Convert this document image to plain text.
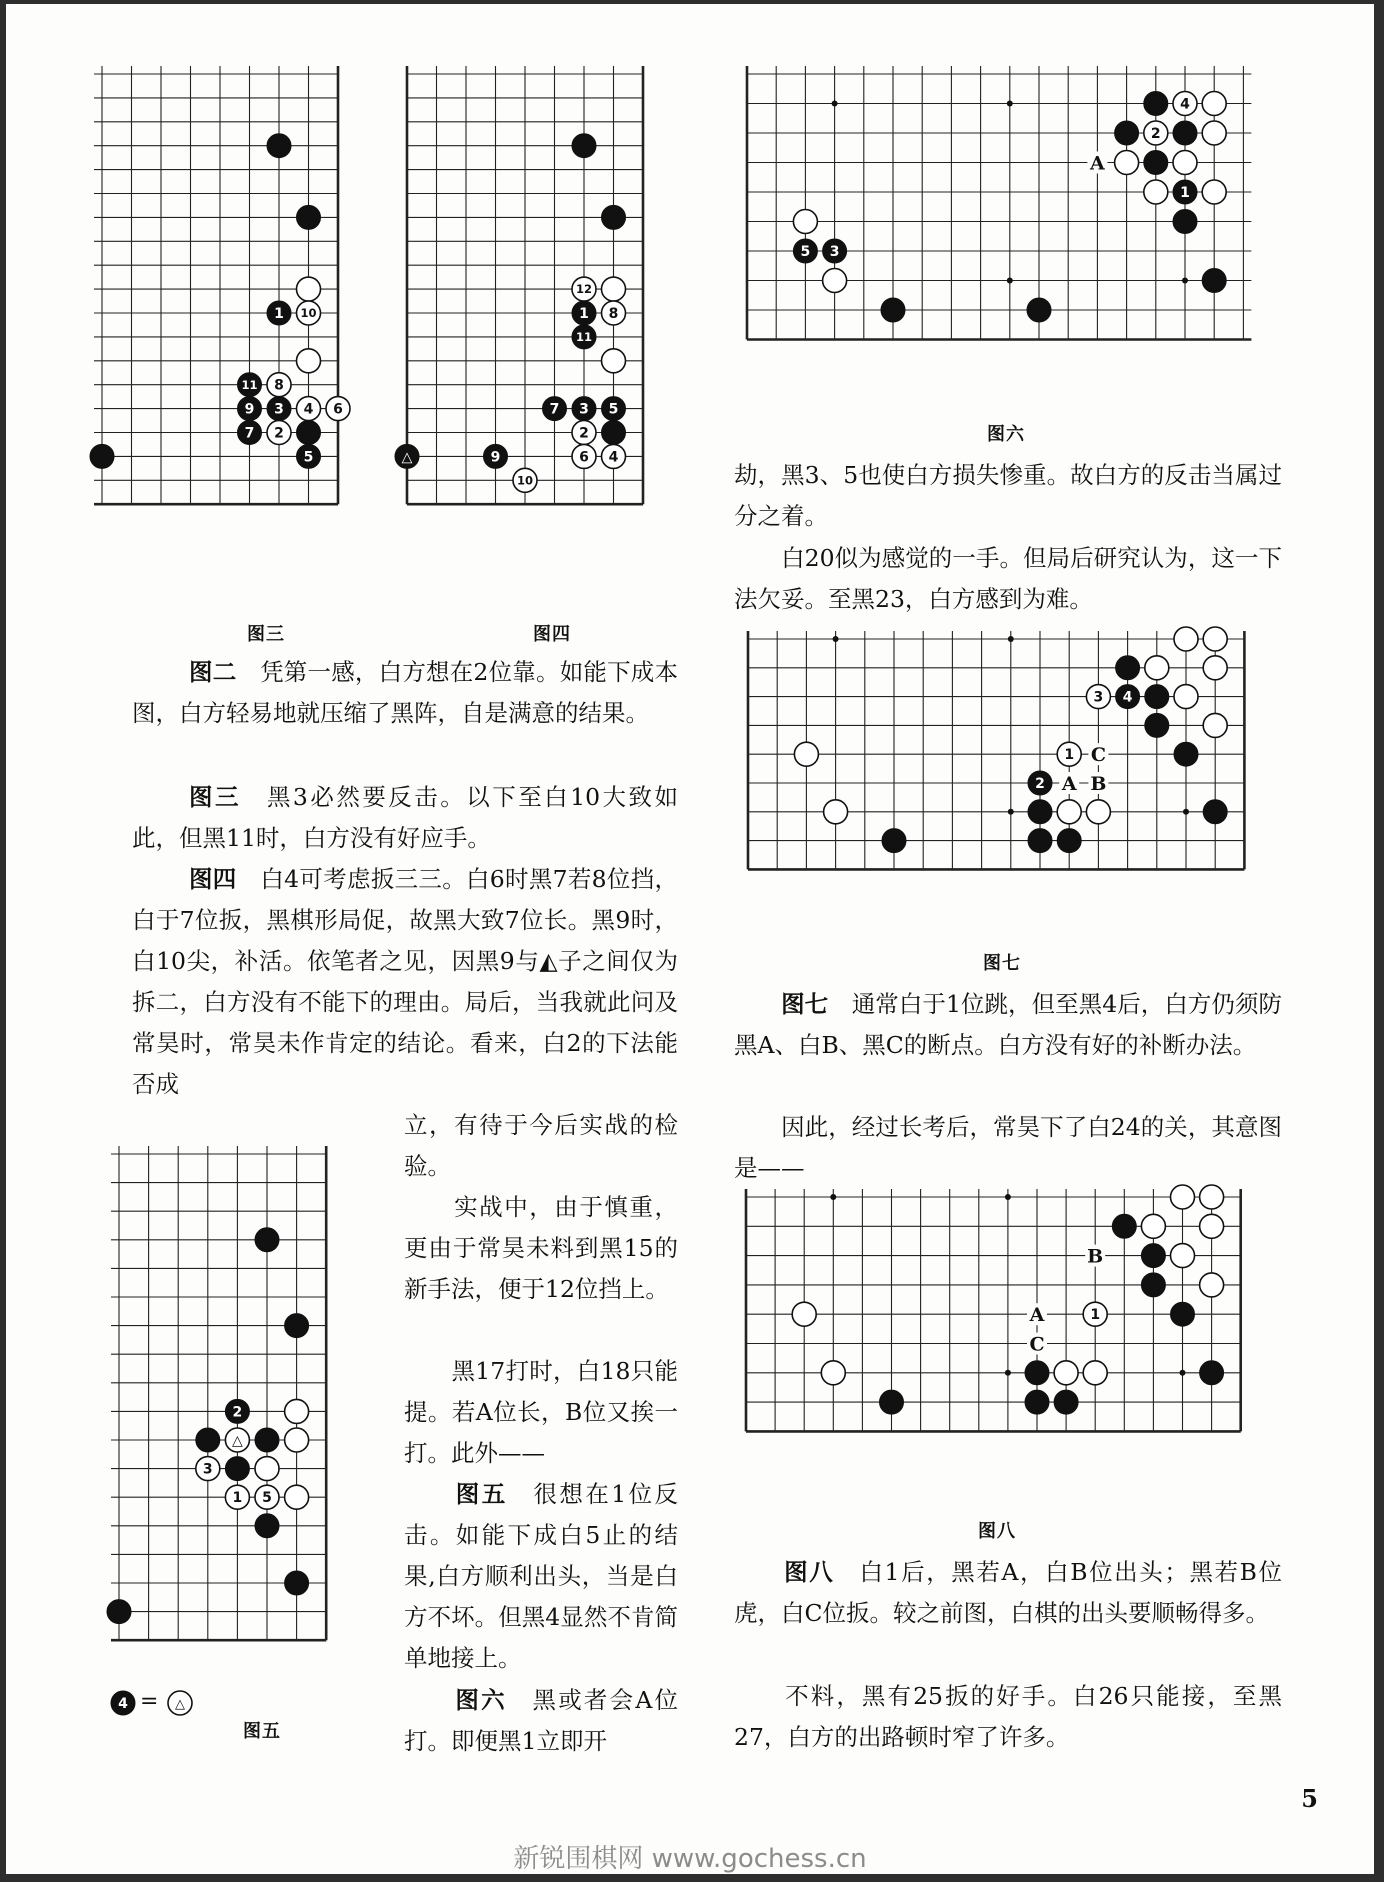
1 10
11 8
9 3 4 6
7 2
5
图三
12
1 8
11
7 3 5
2
△	9	6 4
10
图四
2
△
3
1 5
4	△
=
图五
A
4
2
1
5 3
图六
C
A B
3 4
1
2
图七
B
A
C
1
图八

图二　凭第一感，白方想在2位靠。如能下成本图，白方轻易地就压缩了黑阵，自是满意的结果。

图三　黑3必然要反击。以下至白10大致如此，但黑11时，白方没有好应手。

图四　白4可考虑扳三三。白6时黑7若8位挡，白于7位扳，黑棋形局促，故黑大致7位长。黑9时，白10尖，补活。依笔者之见，因黑9与◭子之间仅为拆二，白方没有不能下的理由。局后，当我就此问及常昊时，常昊未作肯定的结论。看来，白2的下法能否成

立，有待于今后实战的检验。

　　实战中，由于慎重，更由于常昊未料到黑15的新手法，便于12位挡上。

　　黑17打时，白18只能提。若A位长，B位又挨一打。此外——

　　图五　很想在1位反击。如能下成白5止的结果,白方顺利出头，当是白方不坏。但黑4显然不肯简单地接上。

　　图六　黑或者会A位打。即便黑1立即开

劫，黑3、5也使白方损失惨重。故白方的反击当属过分之着。

　　白20似为感觉的一手。但局后研究认为，这一下法欠妥。至黑23，白方感到为难。

　　图七　通常白于1位跳，但至黑4后，白方仍须防黑A、白B、黑C的断点。白方没有好的补断办法。

　　因此，经过长考后，常昊下了白24的关，其意图是——

　　图八　白1后，黑若A，白B位出头；黑若B位虎，白C位扳。较之前图，白棋的出头要顺畅得多。

　　不料，黑有25扳的好手。白26只能接，至黑27，白方的出路顿时窄了许多。

5
新锐围棋网 www.gochess.cn
